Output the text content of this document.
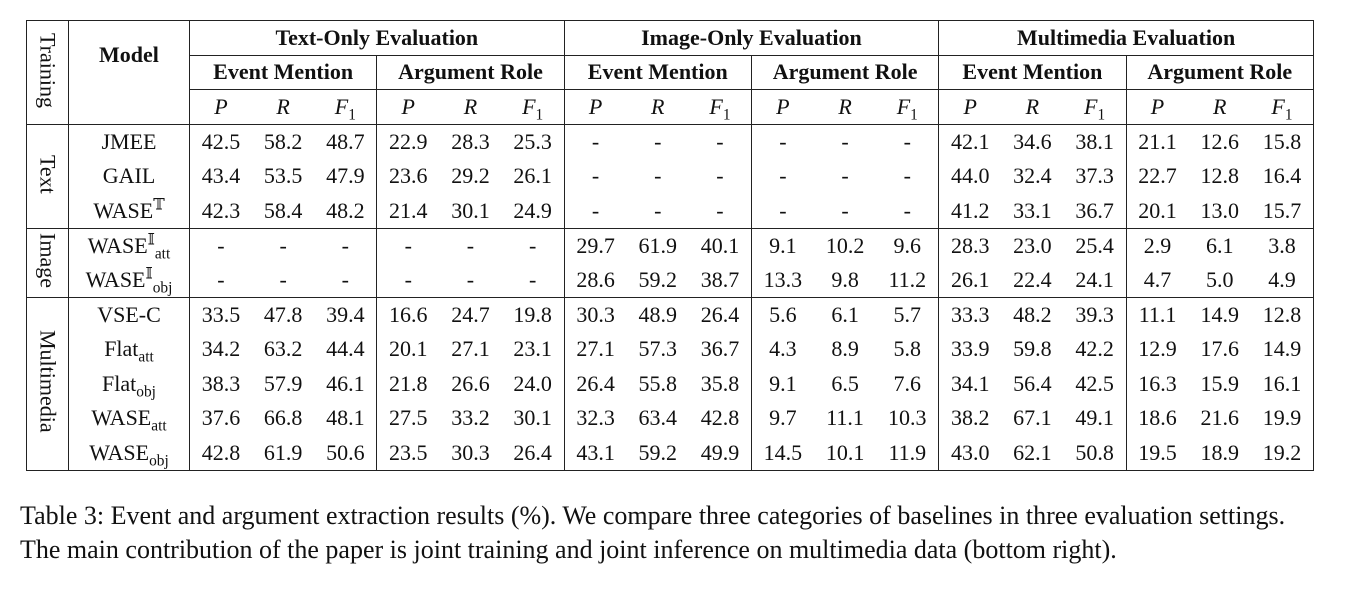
Training	Model	Text-Only Evaluation						Image-Only Evaluation						Multimedia Evaluation					
		Event Mention			Argument Role			Event Mention			Argument Role			Event Mention			Argument Role		
		P	R	$F_1$	P	R	$F_1$	P	R	$F_1$	P	R	$F_1$	P	R	$F_1$	P	R	$F_1$
Text	JMEE	42.5	58.2	48.7	22.9	28.3	25.3	-	-	-	-	-	-	42.1	34.6	38.1	21.1	12.6	15.8
	GAIL	43.4	53.5	47.9	23.6	29.2	26.1	-	-	-	-	-	-	44.0	32.4	37.3	22.7	12.8	16.4
	$WASE^𝕋$	42.3	58.4	48.2	21.4	30.1	24.9	-	-	-	-	-	-	41.2	33.1	36.7	20.1	13.0	15.7
Image	$WASE^𝕀_{att}$	-	-	-	-	-	-	29.7	61.9	40.1	9.1	10.2	9.6	28.3	23.0	25.4	2.9	6.1	3.8
	$WASE^𝕀_{obj}$	-	-	-	-	-	-	28.6	59.2	38.7	13.3	9.8	11.2	26.1	22.4	24.1	4.7	5.0	4.9
Multimedia	VSE-C	33.5	47.8	39.4	16.6	24.7	19.8	30.3	48.9	26.4	5.6	6.1	5.7	33.3	48.2	39.3	11.1	14.9	12.8
	Flat$_{att}$	34.2	63.2	44.4	20.1	27.1	23.1	27.1	57.3	36.7	4.3	8.9	5.8	33.9	59.8	42.2	12.9	17.6	14.9
	Flat$_{obj}$	38.3	57.9	46.1	21.8	26.6	24.0	26.4	55.8	35.8	9.1	6.5	7.6	34.1	56.4	42.5	16.3	15.9	16.1
	$WASE_{att}$	37.6	66.8	48.1	27.5	33.2	30.1	32.3	63.4	42.8	9.7	11.1	10.3	38.2	67.1	49.1	18.6	21.6	19.9
	$WASE_{obj}$	42.8	61.9	50.6	23.5	30.3	26.4	43.1	59.2	49.9	14.5	10.1	11.9	43.0	62.1	50.8	19.5	18.9	19.2

Table 3: Event and argument extraction results (%). We compare three categories of baselines in three evaluation settings. The main contribution of the paper is joint training and joint inference on multimedia data (bottom right).
